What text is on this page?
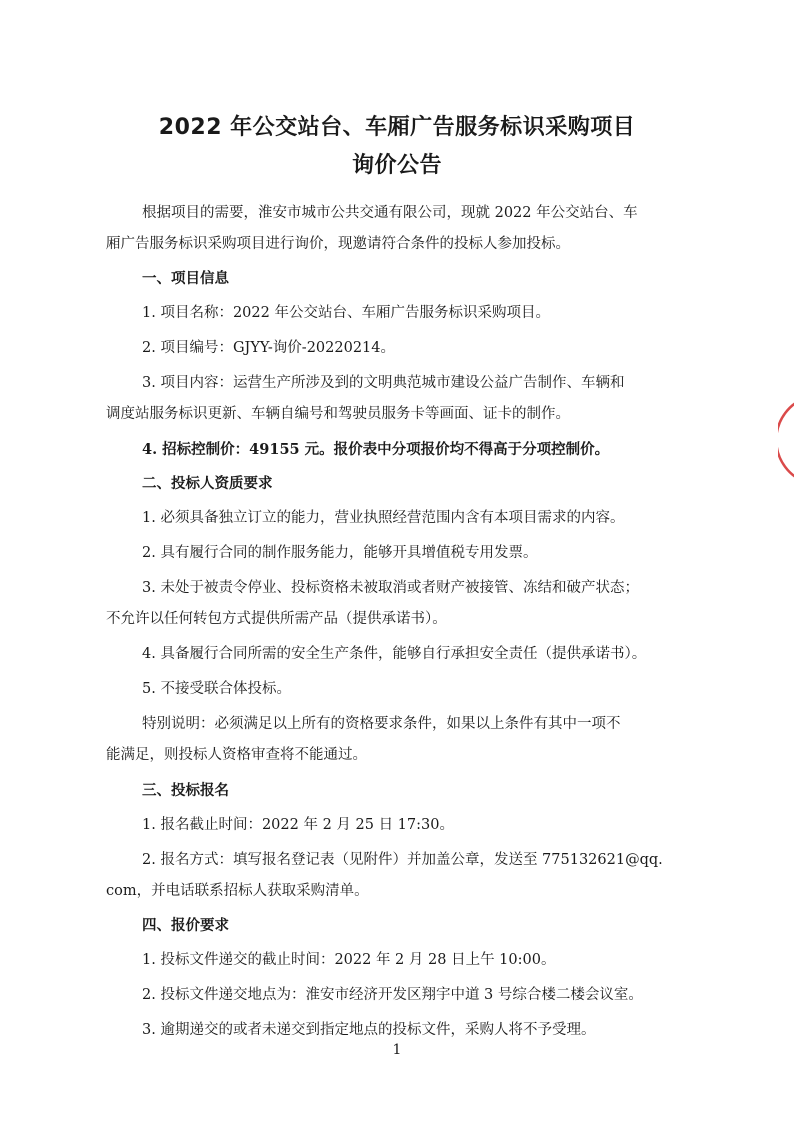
2022 年公交站台、车厢广告服务标识采购项目
询价公告
根据项目的需要，淮安市城市公共交通有限公司，现就 2022 年公交站台、车
厢广告服务标识采购项目进行询价，现邀请符合条件的投标人参加投标。
一、项目信息
1. 项目名称：2022 年公交站台、车厢广告服务标识采购项目。
2. 项目编号：GJYY-询价-20220214。
3. 项目内容：运营生产所涉及到的文明典范城市建设公益广告制作、车辆和
调度站服务标识更新、车辆自编号和驾驶员服务卡等画面、证卡的制作。
4. 招标控制价：49155 元。报价表中分项报价均不得高于分项控制价。
二、投标人资质要求
1. 必须具备独立订立的能力，营业执照经营范围内含有本项目需求的内容。
2. 具有履行合同的制作服务能力，能够开具增值税专用发票。
3. 未处于被责令停业、投标资格未被取消或者财产被接管、冻结和破产状态；
不允许以任何转包方式提供所需产品（提供承诺书）。
4. 具备履行合同所需的安全生产条件，能够自行承担安全责任（提供承诺书）。
5. 不接受联合体投标。
特别说明：必须满足以上所有的资格要求条件，如果以上条件有其中一项不
能满足，则投标人资格审查将不能通过。
三、投标报名
1. 报名截止时间：2022 年 2 月 25 日 17:30。
2. 报名方式：填写报名登记表（见附件）并加盖公章，发送至 775132621@qq.
com，并电话联系招标人获取采购清单。
四、报价要求
1. 投标文件递交的截止时间：2022 年 2 月 28 日上午 10:00。
2. 投标文件递交地点为：淮安市经济开发区翔宇中道 3 号综合楼二楼会议室。
3. 逾期递交的或者未递交到指定地点的投标文件，采购人将不予受理。
1
